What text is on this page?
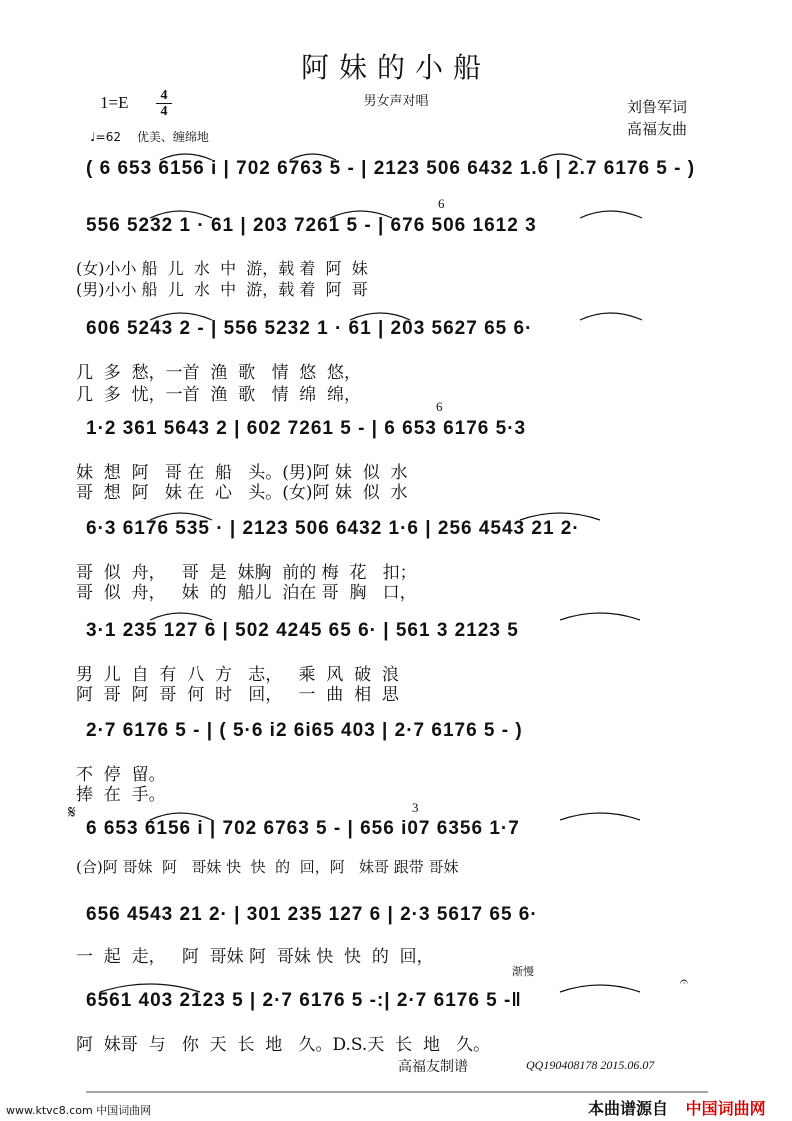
阿妹的小船
男女声对唱
1=E	4
4
♩=62 优美、缠绵地
刘鲁军词
高福友曲
( 6 653 6156 i | 702 6763 5 - | 2123 506 6432 1.6 | 2.7 6176 5 - )
556 5232 1 · 61 | 203 7261 5 - | 676 506 1612 3
(女)小小 船  儿  水  中  游，载 着  阿  妹
(男)小小 船  儿  水  中  游，载 着  阿  哥
606 5243 2 - | 556 5232 1 · 61 | 203 5627 65 6·
几  多  愁，一首  渔  歌   情  悠  悠，
几  多  忧，一首  渔  歌   情  绵  绵，
1·2 361 5643 2 | 602 7261 5 - | 6 653 6176 5·3
妹  想  阿   哥 在  船   头。(男)阿 妹  似  水
哥  想  阿   妹 在  心   头。(女)阿 妹  似  水
6·3 6176 535 · | 2123 506 6432 1·6 | 256 4543 21 2·
哥  似  舟，   哥  是  妹胸  前的 梅  花   扣；
哥  似  舟，   妹  的  船儿  泊在 哥  胸   口，
3·1 235 127 6 | 502 4245 65 6· | 561 3 2123 5
男  儿  自  有  八  方   志，   乘  风  破  浪
阿  哥  阿  哥  何  时   回，   一  曲  相  思
2·7 6176 5 - | ( 5·6 i2 6i65 403 | 2·7 6176 5 - )
不  停  留。
捧  在  手。
𝄋
6 653 6156 i | 702 6763 5 - | 656 i07 6356 1·7
(合)阿 哥妹  阿   哥妹 快  快  的  回，阿   妹哥 跟带 哥妹
656 4543 21 2· | 301 235 127 6 | 2·3 5617 65 6·
一  起  走，   阿  哥妹 阿  哥妹 快  快  的  回，
渐慢
𝄐
6
6
3
6561 403 2123 5 | 2·7 6176 5 -:| 2·7 6176 5 -‖
阿  妹哥  与   你  天  长  地   久。D.S.天  长  地   久。
高福友制谱	QQ190408178 2015.06.07
www.ktvc8.com 中国词曲网	本曲谱源自 中国词曲网
